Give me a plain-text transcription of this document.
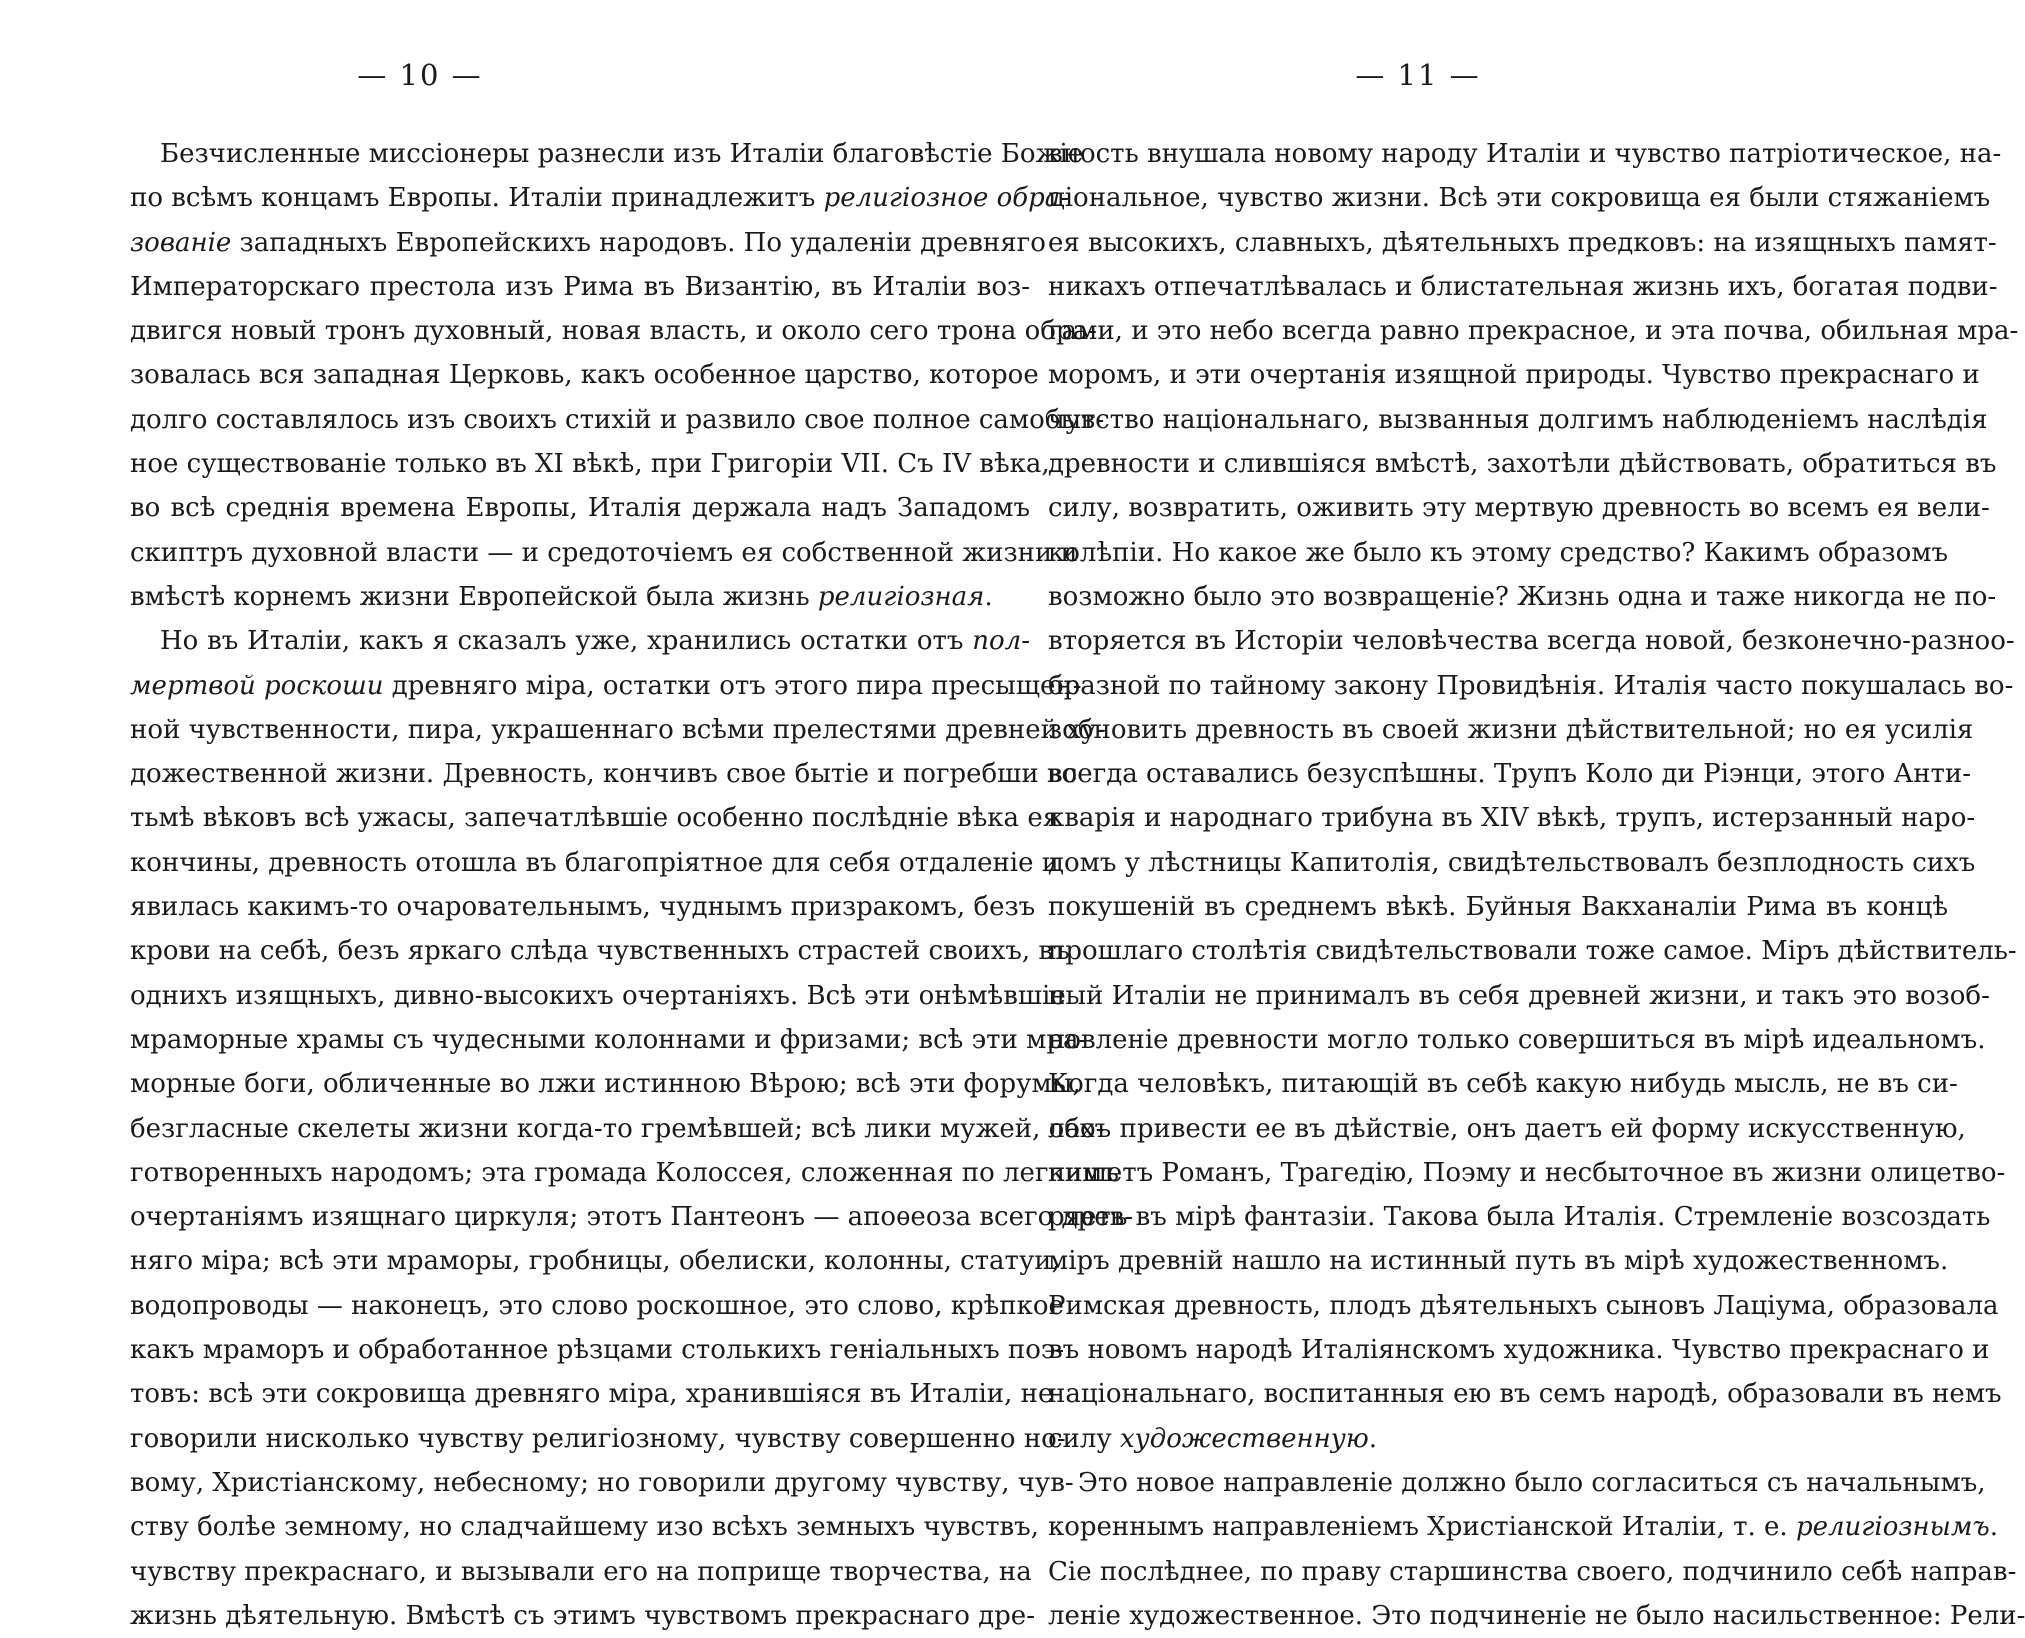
— 10 —
Безчисленные миссіонеры разнесли изъ Италіи благовѣстіе Божіе
по всѣмъ концамъ Европы. Италіи принадлежитъ религіозное обра-
зованіе западныхъ Европейскихъ народовъ. По удаленіи древняго
Императорскаго престола изъ Рима въ Византію, въ Италіи воз-
двигся новый тронъ духовный, новая власть, и около сего трона обра-
зовалась вся западная Церковь, какъ особенное царство, которое
долго составлялось изъ своихъ стихій и развило свое полное самобыт-
ное существованіе только въ XI вѣкѣ, при Григоріи VII. Съ IV вѣка,
во всѣ среднія времена Европы, Италія держала надъ Западомъ
скиптръ духовной власти — и средоточіемъ ея собственной жизни и
вмѣстѣ корнемъ жизни Европейской была жизнь религіозная.
Но въ Италіи, какъ я сказалъ уже, хранились остатки отъ пол-
мертвой роскоши древняго міра, остатки отъ этого пира пресыщен-
ной чувственности, пира, украшеннаго всѣми прелестями древней ху-
дожественной жизни. Древность, кончивъ свое бытіе и погребши во
тьмѣ вѣковъ всѣ ужасы, запечатлѣвшіе особенно послѣдніе вѣка ея
кончины, древность отошла въ благопріятное для себя отдаленіе и
явилась какимъ-то очаровательнымъ, чуднымъ призракомъ, безъ
крови на себѣ, безъ яркаго слѣда чувственныхъ страстей своихъ, въ
однихъ изящныхъ, дивно-высокихъ очертаніяхъ. Всѣ эти онѣмѣвшіе
мраморные храмы съ чудесными колоннами и фризами; всѣ эти мра-
морные боги, обличенные во лжи истинною Вѣрою; всѣ эти форумы,
безгласные скелеты жизни когда-то гремѣвшей; всѣ лики мужей, обо-
готворенныхъ народомъ; эта громада Колоссея, сложенная по легкимъ
очертаніямъ изящнаго циркуля; этотъ Пантеонъ — апоѳеоза всего древ-
няго міра; всѣ эти мраморы, гробницы, обелиски, колонны, статуи,
водопроводы — наконецъ, это слово роскошное, это слово, крѣпкое
какъ мраморъ и обработанное рѣзцами столькихъ геніальныхъ поэ-
товъ: всѣ эти сокровища древняго міра, хранившіяся въ Италіи, не
говорили нисколько чувству религіозному, чувству совершенно но-
вому, Христіанскому, небесному; но говорили другому чувству, чув-
ству болѣе земному, но сладчайшему изо всѣхъ земныхъ чувствъ,
чувству прекраснаго, и вызывали его на поприще творчества, на
жизнь дѣятельную. Вмѣстѣ съ этимъ чувствомъ прекраснаго дре-
— 11 —
вность внушала новому народу Италіи и чувство патріотическое, на-
ціональное, чувство жизни. Всѣ эти сокровища ея были стяжаніемъ
ея высокихъ, славныхъ, дѣятельныхъ предковъ: на изящныхъ памят-
никахъ отпечатлѣвалась и блистательная жизнь ихъ, богатая подви-
гами, и это небо всегда равно прекрасное, и эта почва, обильная мра-
моромъ, и эти очертанія изящной природы. Чувство прекраснаго и
чувство національнаго, вызванныя долгимъ наблюденіемъ наслѣдія
древности и слившіяся вмѣстѣ, захотѣли дѣйствовать, обратиться въ
силу, возвратить, оживить эту мертвую древность во всемъ ея вели-
колѣпіи. Но какое же было къ этому средство? Какимъ образомъ
возможно было это возвращеніе? Жизнь одна и таже никогда не по-
вторяется въ Исторіи человѣчества всегда новой, безконечно-разноо-
бразной по тайному закону Провидѣнія. Италія часто покушалась во-
зобновить древность въ своей жизни дѣйствительной; но ея усилія
всегда оставались безуспѣшны. Трупъ Коло ди Ріэнци, этого Анти-
кварія и народнаго трибуна въ XIV вѣкѣ, трупъ, истерзанный наро-
домъ у лѣстницы Капитолія, свидѣтельствовалъ безплодность сихъ
покушеній въ среднемъ вѣкѣ. Буйныя Вакханаліи Рима въ концѣ
прошлаго столѣтія свидѣтельствовали тоже самое. Міръ дѣйствитель-
ный Италіи не принималъ въ себя древней жизни, и такъ это возоб-
новленіе древности могло только совершиться въ мірѣ идеальномъ.
Когда человѣкъ, питающій въ себѣ какую нибудь мысль, не въ си-
лахъ привести ее въ дѣйствіе, онъ даетъ ей форму искусственную,
пишетъ Романъ, Трагедію, Поэму и несбыточное въ жизни олицетво-
ряетъ въ мірѣ фантазіи. Такова была Италія. Стремленіе возсоздать
міръ древній нашло на истинный путь въ мірѣ художественномъ.
Римская древность, плодъ дѣятельныхъ сыновъ Лаціума, образовала
въ новомъ народѣ Италіянскомъ художника. Чувство прекраснаго и
національнаго, воспитанныя ею въ семъ народѣ, образовали въ немъ
силу художественную.
Это новое направленіе должно было согласиться съ начальнымъ,
кореннымъ направленіемъ Христіанской Италіи, т. е. религіознымъ.
Сіе послѣднее, по праву старшинства своего, подчинило себѣ направ-
леніе художественное. Это подчиненіе не было насильственное: Рели-
